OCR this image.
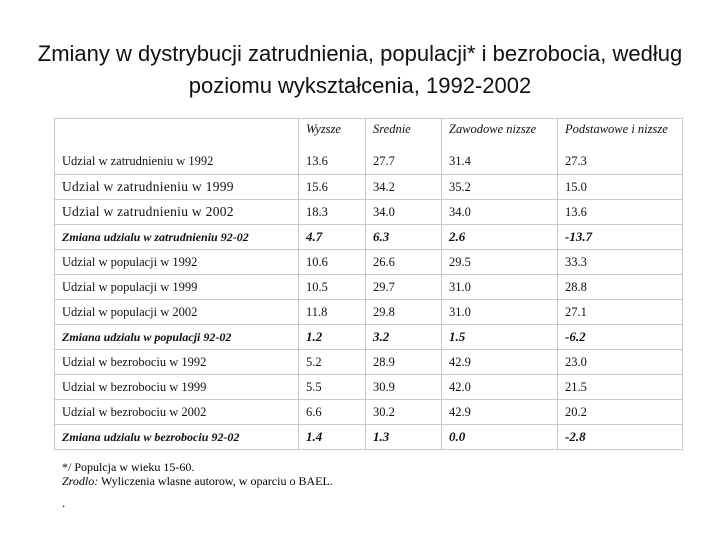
Zmiany w dystrybucji zatrudnienia, populacji* i bezrobocia, według poziomu wykształcenia, 1992-2002
	Wyzsze	Srednie	Zawodowe nizsze	Podstawowe i nizsze
Udzial w zatrudnieniu w 1992	13.6	27.7	31.4	27.3
Udzial w zatrudnieniu w 1999	15.6	34.2	35.2	15.0
Udzial w zatrudnieniu w 2002	18.3	34.0	34.0	13.6
Zmiana udzialu w zatrudnieniu 92-02	4.7	6.3	2.6	-13.7
Udzial w populacji w 1992	10.6	26.6	29.5	33.3
Udzial w populacji w 1999	10.5	29.7	31.0	28.8
Udzial w populacji w 2002	11.8	29.8	31.0	27.1
Zmiana udzialu w populacji 92-02	1.2	3.2	1.5	-6.2
Udzial w bezrobociu w 1992	5.2	28.9	42.9	23.0
Udzial w bezrobociu w 1999	5.5	30.9	42.0	21.5
Udzial w bezrobociu w 2002	6.6	30.2	42.9	20.2
Zmiana udzialu w bezrobociu 92-02	1.4	1.3	0.0	-2.8
*/ Populcja w wieku 15-60.
Zrodlo: Wyliczenia wlasne autorow, w oparciu o BAEL.
.
